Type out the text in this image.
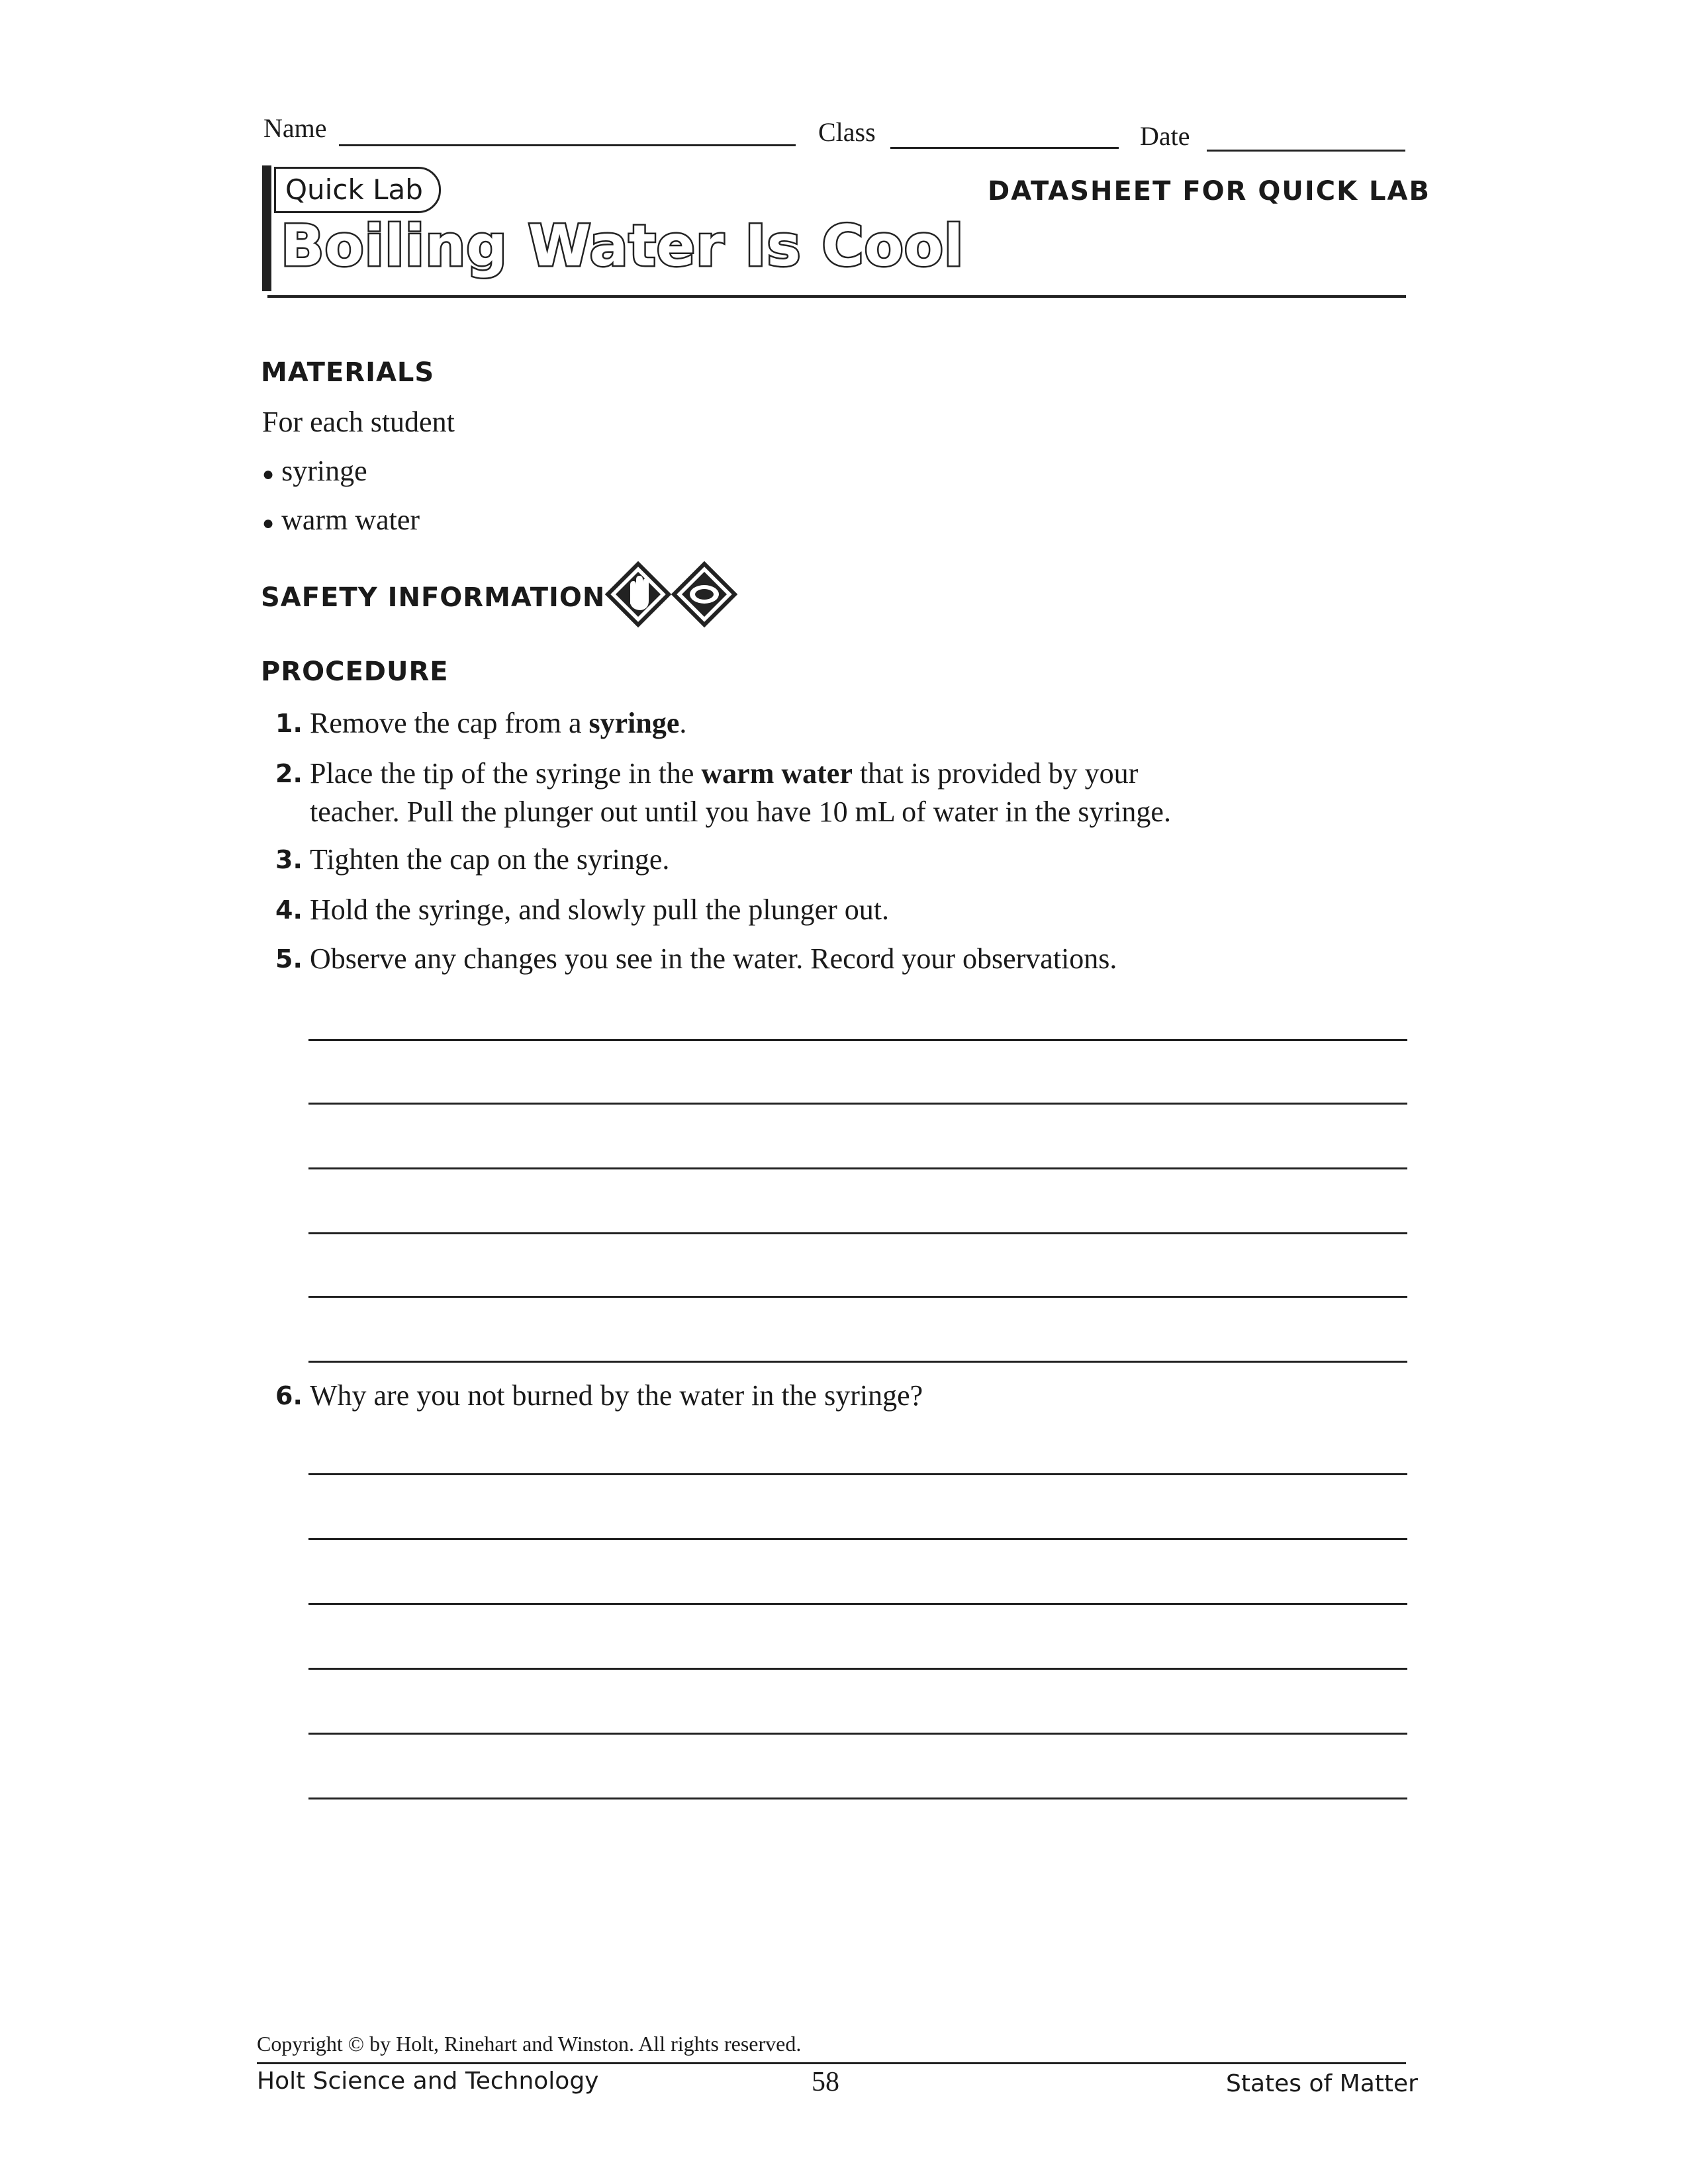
Name	Class	Date
Quick Lab
Boiling Water Is Cool
DATASHEET FOR QUICK LAB
MATERIALS
For each student
● syringe
● warm water
SAFETY INFORMATION
PROCEDURE
1. Remove the cap from a syringe.
2. Place the tip of the syringe in the warm water that is provided by your
teacher. Pull the plunger out until you have 10 mL of water in the syringe.
3. Tighten the cap on the syringe.
4. Hold the syringe, and slowly pull the plunger out.
5. Observe any changes you see in the water. Record your observations.
6. Why are you not burned by the water in the syringe?
Copyright © by Holt, Rinehart and Winston. All rights reserved.
Holt Science and Technology	58	States of Matter
